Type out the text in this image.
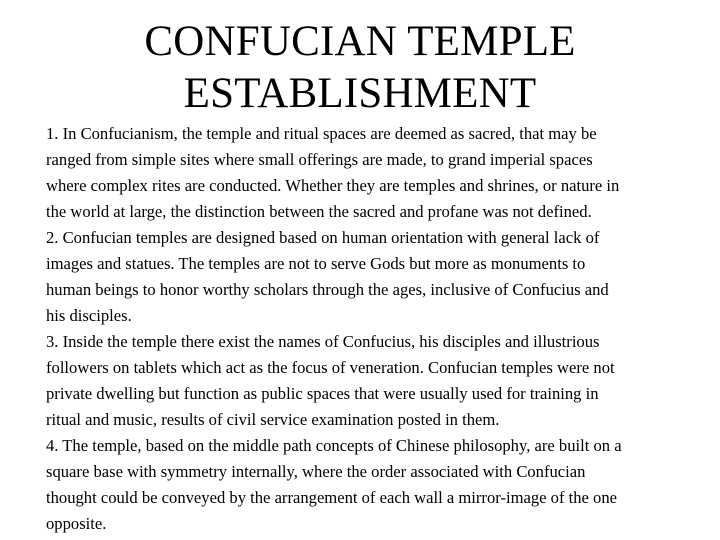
CONFUCIAN TEMPLE
ESTABLISHMENT
1. In Confucianism, the temple and ritual spaces are deemed as sacred, that may be
ranged from simple sites where small offerings are made, to grand imperial spaces
where complex rites are conducted. Whether they are temples and shrines, or nature in
the world at large, the distinction between the sacred and profane was not defined.
2. Confucian temples are designed based on human orientation with general lack of
images and statues. The temples are not to serve Gods but more as monuments to
human beings to honor worthy scholars through the ages, inclusive of Confucius and
his disciples.
3. Inside the temple there exist the names of Confucius, his disciples and illustrious
followers on tablets which act as the focus of veneration. Confucian temples were not
private dwelling but function as public spaces that were usually used for training in
ritual and music, results of civil service examination posted in them.
4. The temple, based on the middle path concepts of Chinese philosophy, are built on a
square base with symmetry internally, where the order associated with Confucian
thought could be conveyed by the arrangement of each wall a mirror-image of the one
opposite.
